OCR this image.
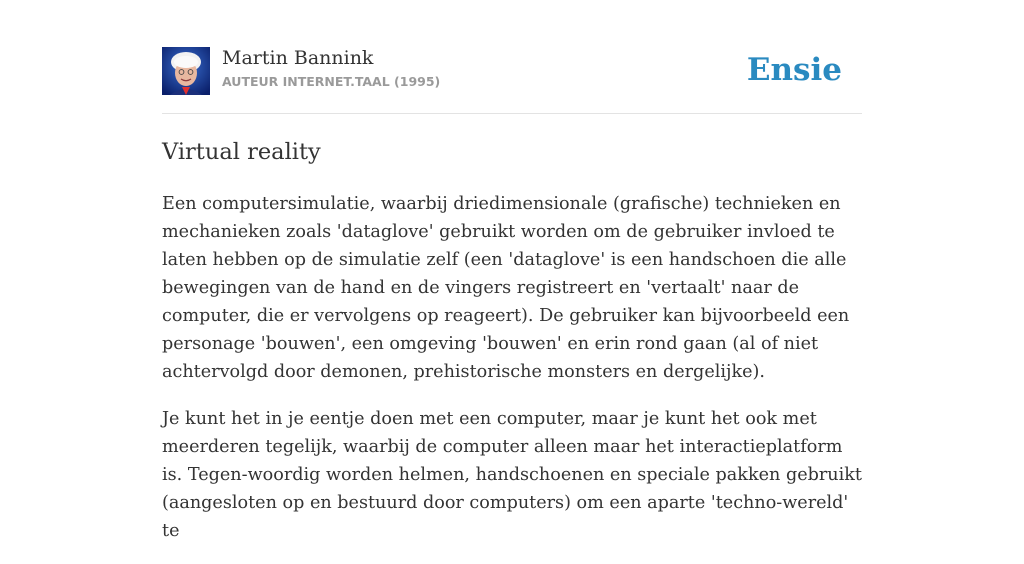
Martin Bannink
AUTEUR INTERNET.TAAL (1995)	Ensie
Virtual reality

Een computersimulatie, waarbij driedimensionale (grafische) technieken en mechanieken zoals 'dataglove' gebruikt worden om de gebruiker invloed te laten hebben op de simulatie zelf (een 'dataglove' is een handschoen die alle bewegingen van de hand en de vingers registreert en 'vertaalt' naar de computer, die er vervolgens op reageert). De gebruiker kan bijvoorbeeld een personage 'bouwen', een omgeving 'bouwen' en erin rond gaan (al of niet achtervolgd door demonen, prehistorische monsters en dergelijke).

Je kunt het in je eentje doen met een computer, maar je kunt het ook met meerderen tegelijk, waarbij de computer alleen maar het interactieplatform is. Tegen-woordig worden helmen, handschoenen en speciale pakken gebruikt (aangesloten op en bestuurd door computers) om een aparte 'techno-wereld' te
